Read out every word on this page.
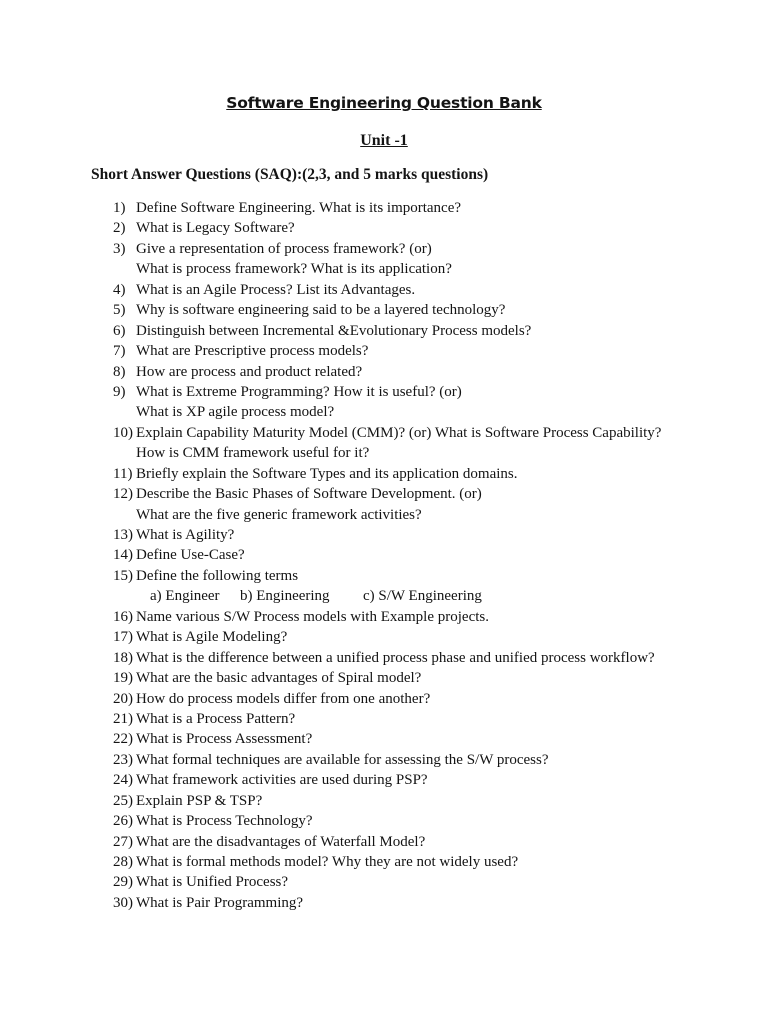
Software Engineering Question Bank
Unit -1
Short Answer Questions (SAQ):(2,3, and 5 marks questions)
1) Define Software Engineering. What is its importance?
2) What is Legacy Software?
3) Give a representation of process framework? (or)
What is process framework? What is its application?
4) What is an Agile Process? List its Advantages.
5) Why is software engineering said to be a layered technology?
6) Distinguish between Incremental &Evolutionary Process models?
7) What are Prescriptive process models?
8) How are process and product related?
9) What is Extreme Programming? How it is useful? (or)
What is XP agile process model?
10) Explain Capability Maturity Model (CMM)? (or) What is Software Process Capability?
How is CMM framework useful for it?
11) Briefly explain the Software Types and its application domains.
12) Describe the Basic Phases of Software Development. (or)
What are the five generic framework activities?
13) What is Agility?
14) Define Use-Case?
15) Define the following terms
a) Engineer b) Engineering c) S/W Engineering
16) Name various S/W Process models with Example projects.
17) What is Agile Modeling?
18) What is the difference between a unified process phase and unified process workflow?
19) What are the basic advantages of Spiral model?
20) How do process models differ from one another?
21) What is a Process Pattern?
22) What is Process Assessment?
23) What formal techniques are available for assessing the S/W process?
24) What framework activities are used during PSP?
25) Explain PSP & TSP?
26) What is Process Technology?
27) What are the disadvantages of Waterfall Model?
28) What is formal methods model? Why they are not widely used?
29) What is Unified Process?
30) What is Pair Programming?
